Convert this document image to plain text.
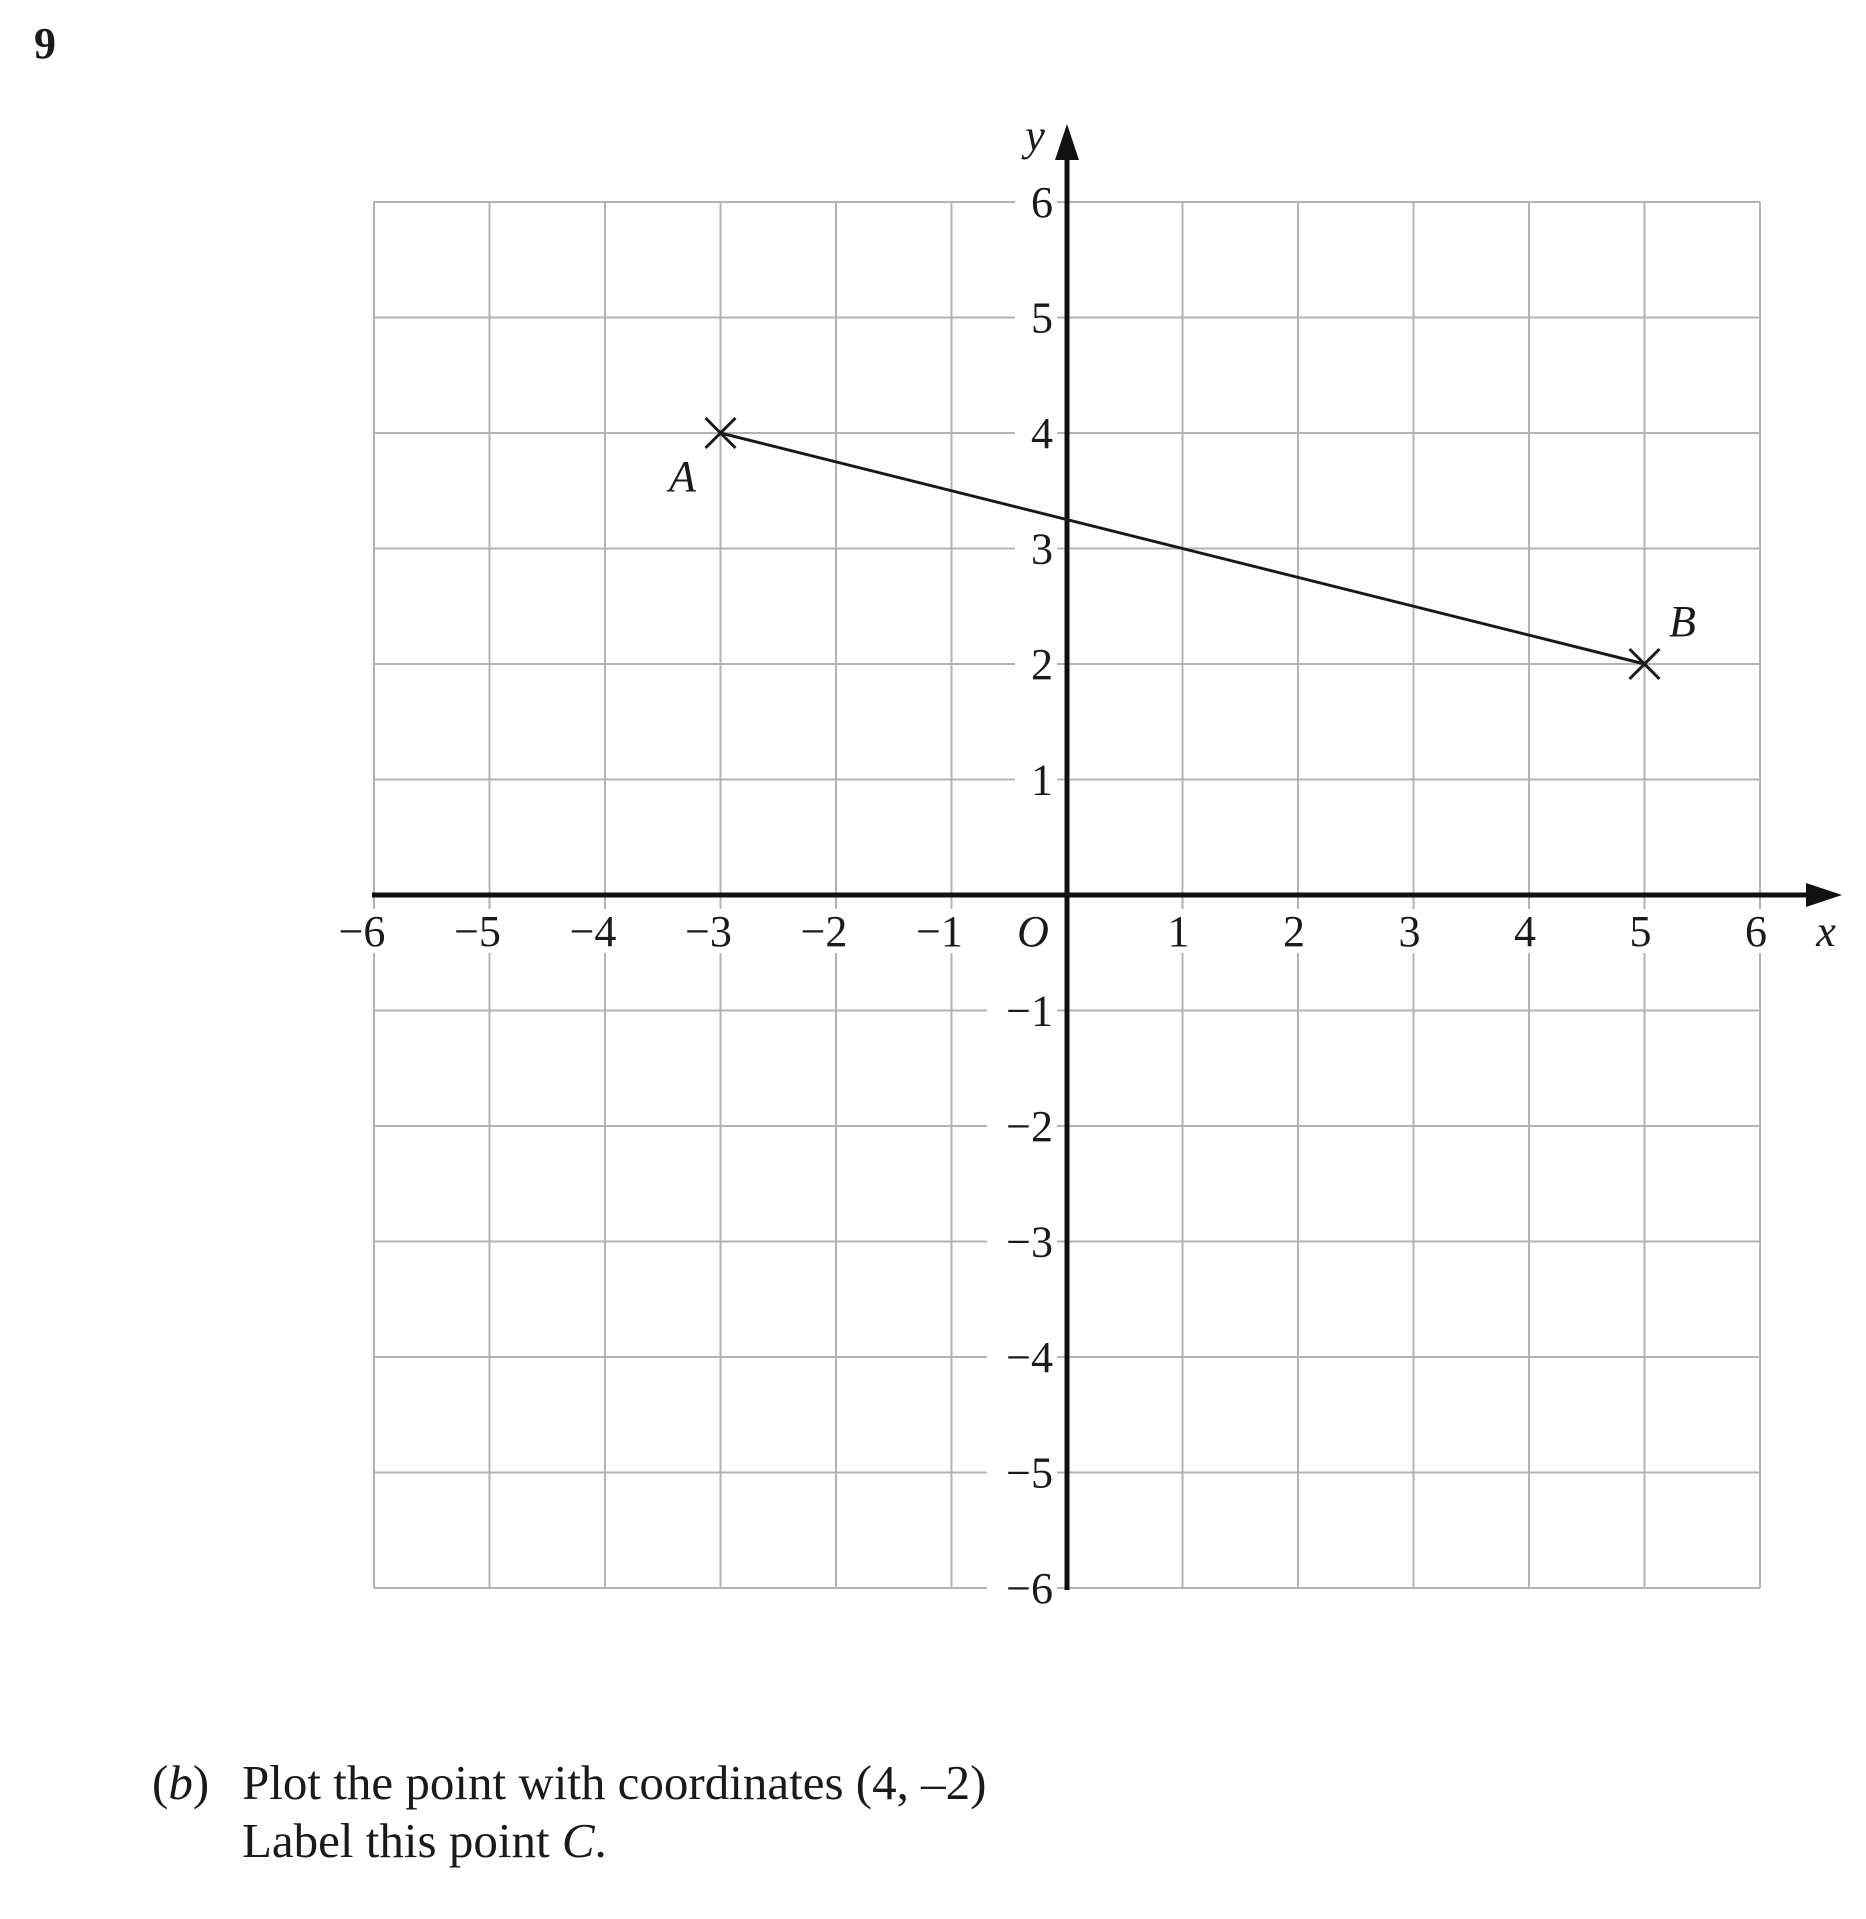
9
−6 −5 −4 −3 −2 −1	1 2 3 4 5 6
6
5
4
3
2
1
−1
−2
−3
−4
−5
−6
O	x
y
A
B
(b) Plot the point with coordinates (4, –2)
Label this point C.
